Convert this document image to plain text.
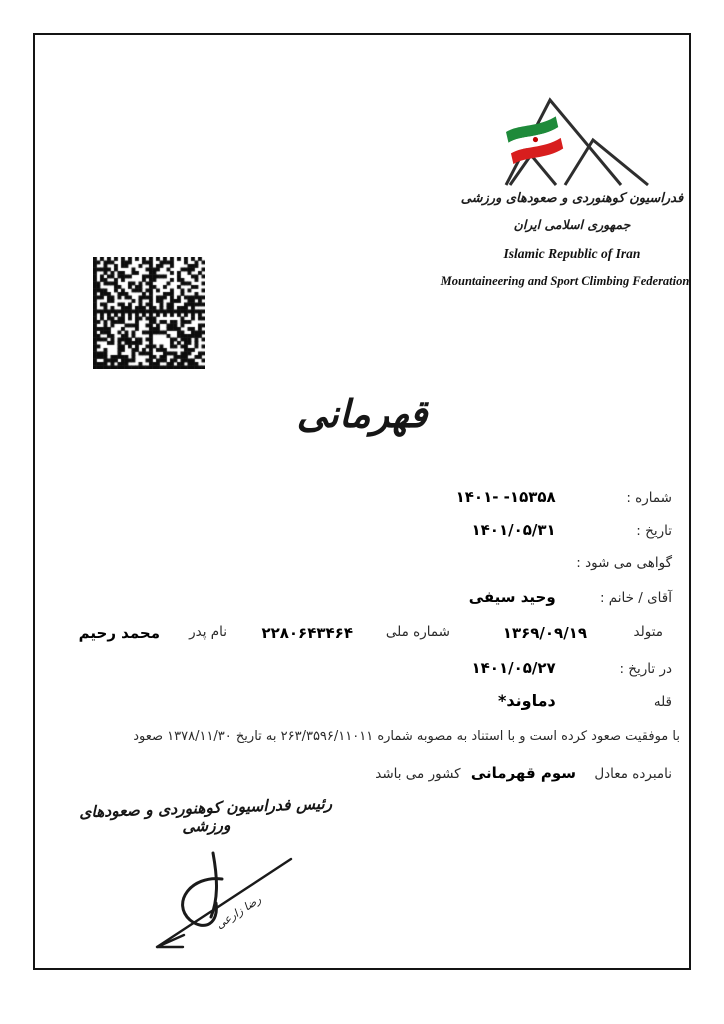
فدراسیون کوهنوردی و صعودهای ورزشی
جمهوری اسلامی ایران
Islamic Republic of Iran
Mountaineering and Sport Climbing Federation
قهرمانی
شماره : ۱۵۳۵۸- -۱۴۰۱
تاریخ : ۱۴۰۱/۰۵/۳۱
گواهی می شود :
آقای / خانم : وحید سیفی
متولد
۱۳۶۹/۰۹/۱۹
شماره ملی
۲۲۸۰۶۴۳۴۶۴
نام پدر
محمد رحیم
در تاریخ : ۱۴۰۱/۰۵/۲۷
قله دماوند*
با موفقیت صعود کرده است و با استناد به مصوبه شماره ۲۶۳/۳۵۹۶/۱۱۰۱۱ به تاریخ ۱۳۷۸/۱۱/۳۰ صعود
نامبرده معادل سوم قهرمانی کشور می باشد
رئیس فدراسیون کوهنوردی و صعودهای ورزشی
رضا زارعی
